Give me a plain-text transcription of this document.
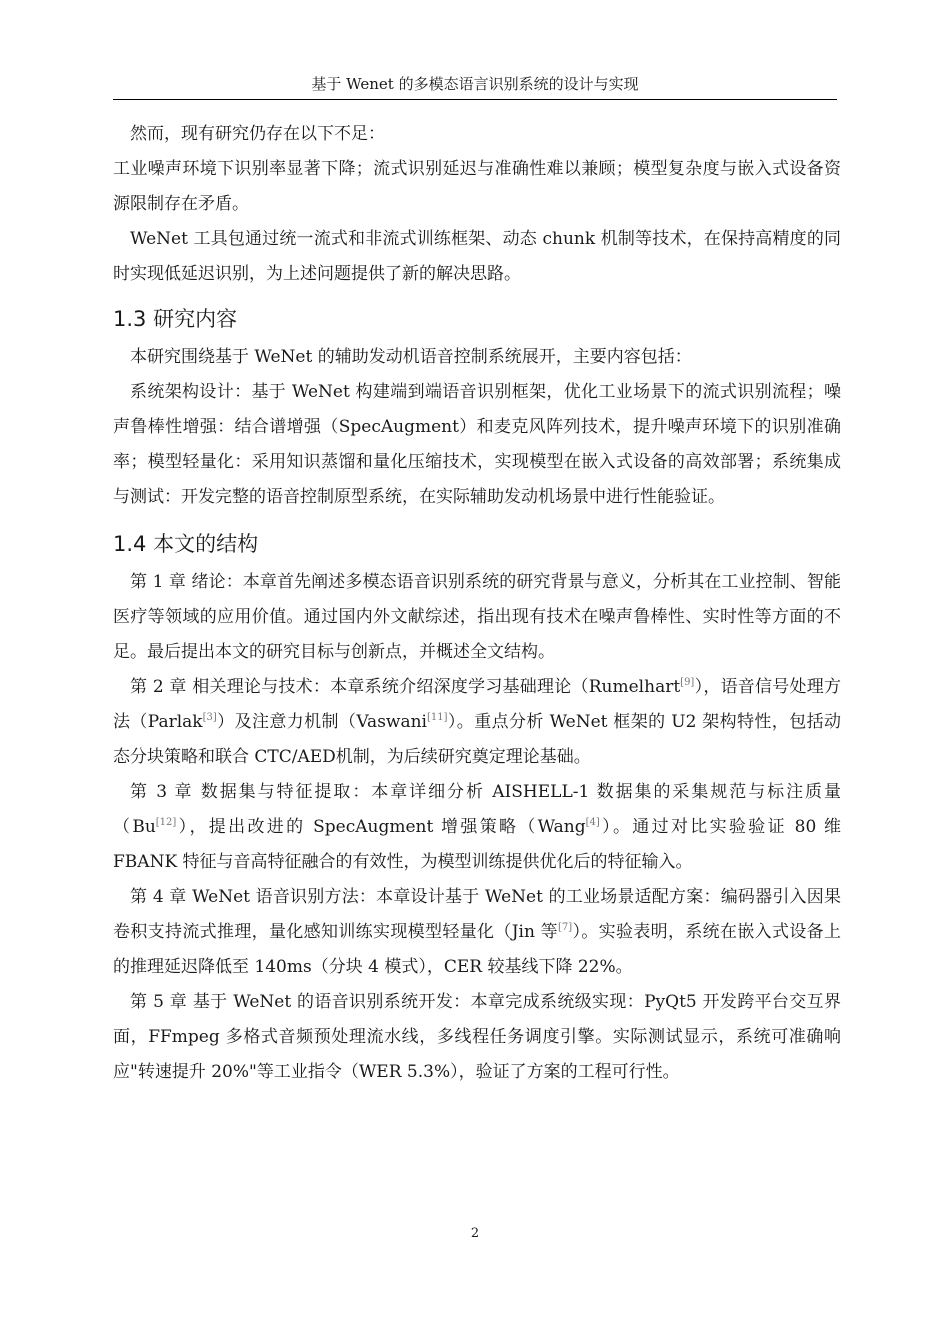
基于 Wenet 的多模态语言识别系统的设计与实现

然而，现有研究仍存在以下不足：

工业噪声环境下识别率显著下降；流式识别延迟与准确性难以兼顾；模型复杂度与嵌入式设备资源限制存在矛盾。

WeNet 工具包通过统一流式和非流式训练框架、动态 chunk 机制等技术，在保持高精度的同时实现低延迟识别，为上述问题提供了新的解决思路。

1.3 研究内容

本研究围绕基于 WeNet 的辅助发动机语音控制系统展开，主要内容包括：

系统架构设计：基于 WeNet 构建端到端语音识别框架，优化工业场景下的流式识别流程；噪声鲁棒性增强：结合谱增强（SpecAugment）和麦克风阵列技术，提升噪声环境下的识别准确率；模型轻量化：采用知识蒸馏和量化压缩技术，实现模型在嵌入式设备的高效部署；系统集成与测试：开发完整的语音控制原型系统，在实际辅助发动机场景中进行性能验证。

1.4 本文的结构

第 1 章 绪论：本章首先阐述多模态语音识别系统的研究背景与意义，分析其在工业控制、智能医疗等领域的应用价值。通过国内外文献综述，指出现有技术在噪声鲁棒性、实时性等方面的不足。最后提出本文的研究目标与创新点，并概述全文结构。

第 2 章 相关理论与技术：本章系统介绍深度学习基础理论（Rumelhart[9]），语音信号处理方法（Parlak[3]）及注意力机制（Vaswani[11]）。重点分析 WeNet 框架的 U2 架构特性，包括动态分块策略和联合 CTC/AED机制，为后续研究奠定理论基础。

第 3 章 数据集与特征提取：本章详细分析 AISHELL-1 数据集的采集规范与标注质量（Bu[12]），提出改进的 SpecAugment 增强策略（Wang[4]）。通过对比实验验证 80 维 FBANK 特征与音高特征融合的有效性，为模型训练提供优化后的特征输入。

第 4 章 WeNet 语音识别方法：本章设计基于 WeNet 的工业场景适配方案：编码器引入因果卷积支持流式推理，量化感知训练实现模型轻量化（Jin 等[7]）。实验表明，系统在嵌入式设备上的推理延迟降低至 140ms（分块 4 模式），CER 较基线下降 22%。

第 5 章 基于 WeNet 的语音识别系统开发：本章完成系统级实现：PyQt5 开发跨平台交互界面，FFmpeg 多格式音频预处理流水线，多线程任务调度引擎。实际测试显示，系统可准确响应"转速提升 20%"等工业指令（WER 5.3%），验证了方案的工程可行性。

2
